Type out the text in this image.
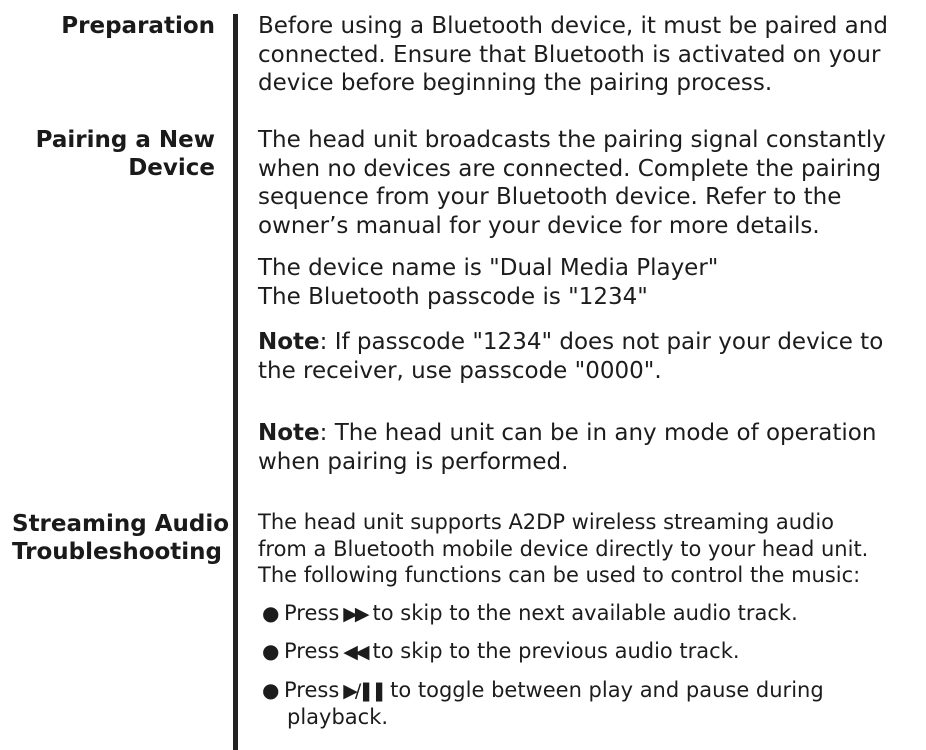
Preparation Before using a Bluetooth device, it must be paired and
connected. Ensure that Bluetooth is activated on your
device before beginning the pairing process.
Pairing a New
Device
The head unit broadcasts the pairing signal constantly
when no devices are connected. Complete the pairing
sequence from your Bluetooth device. Refer to the
owner’s manual for your device for more details.
The device name is "Dual Media Player"
The Bluetooth passcode is "1234"
Note: If passcode "1234" does not pair your device to
the receiver, use passcode "0000".
Note: The head unit can be in any mode of operation
when pairing is performed.
Streaming Audio
Troubleshooting
The head unit supports A2DP wireless streaming audio
from a Bluetooth mobile device directly to your head unit.
The following functions can be used to control the music:
● Press ▶▶ to skip to the next available audio track.
● Press ◀◀ to skip to the previous audio track.
● Press ▶/❚❚ to toggle between play and pause during
playback.
